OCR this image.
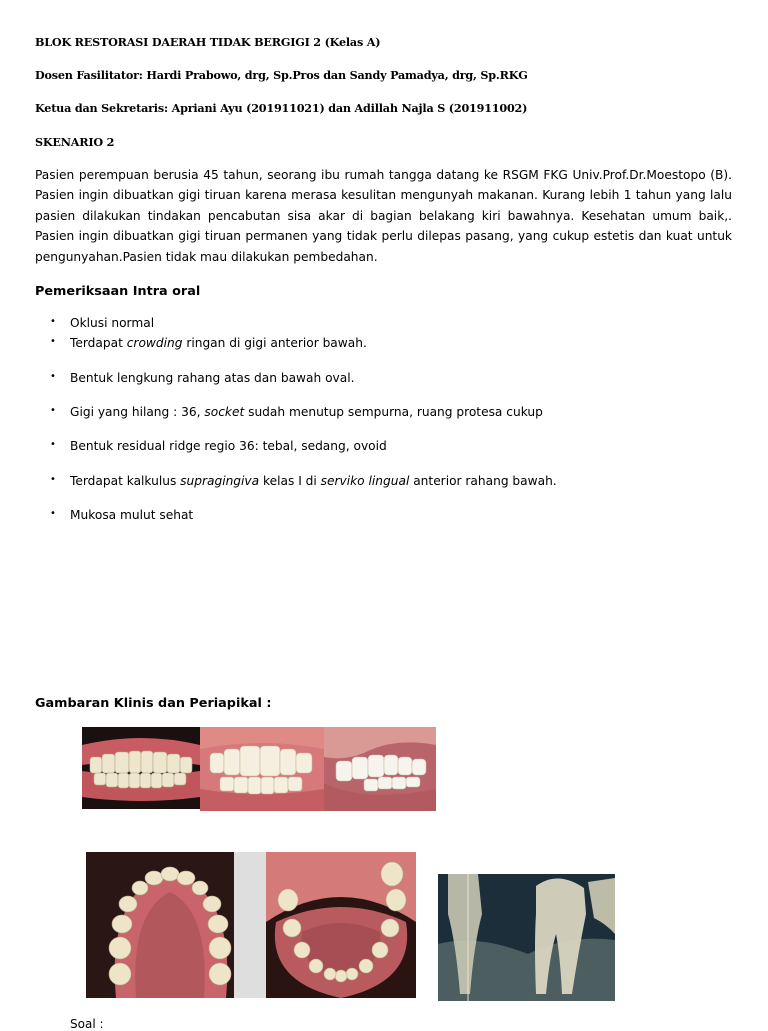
BLOK RESTORASI DAERAH TIDAK BERGIGI 2 (Kelas A)
Dosen Fasilitator: Hardi Prabowo, drg, Sp.Pros dan Sandy Pamadya, drg, Sp.RKG
Ketua dan Sekretaris: Apriani Ayu (201911021) dan Adillah Najla S (201911002)
SKENARIO 2

Pasien perempuan berusia 45 tahun, seorang ibu rumah tangga datang ke RSGM FKG Univ.Prof.Dr.Moestopo (B). Pasien ingin dibuatkan gigi tiruan karena merasa kesulitan mengunyah makanan. Kurang lebih 1 tahun yang lalu pasien dilakukan tindakan pencabutan sisa akar di bagian belakang kiri bawahnya. Kesehatan umum baik,. Pasien ingin dibuatkan gigi tiruan permanen yang tidak perlu dilepas pasang, yang cukup estetis dan kuat untuk pengunyahan.Pasien tidak mau dilakukan pembedahan.

Pemeriksaan Intra oral
• Oklusi normal
• Terdapat crowding ringan di gigi anterior bawah.
• Bentuk lengkung rahang atas dan bawah oval.
• Gigi yang hilang : 36, socket sudah menutup sempurna, ruang protesa cukup
• Bentuk residual ridge regio 36: tebal, sedang, ovoid
• Terdapat kalkulus supragingiva kelas I di serviko lingual anterior rahang bawah.
• Mukosa mulut sehat
Gambaran Klinis dan Periapikal :
Soal :
